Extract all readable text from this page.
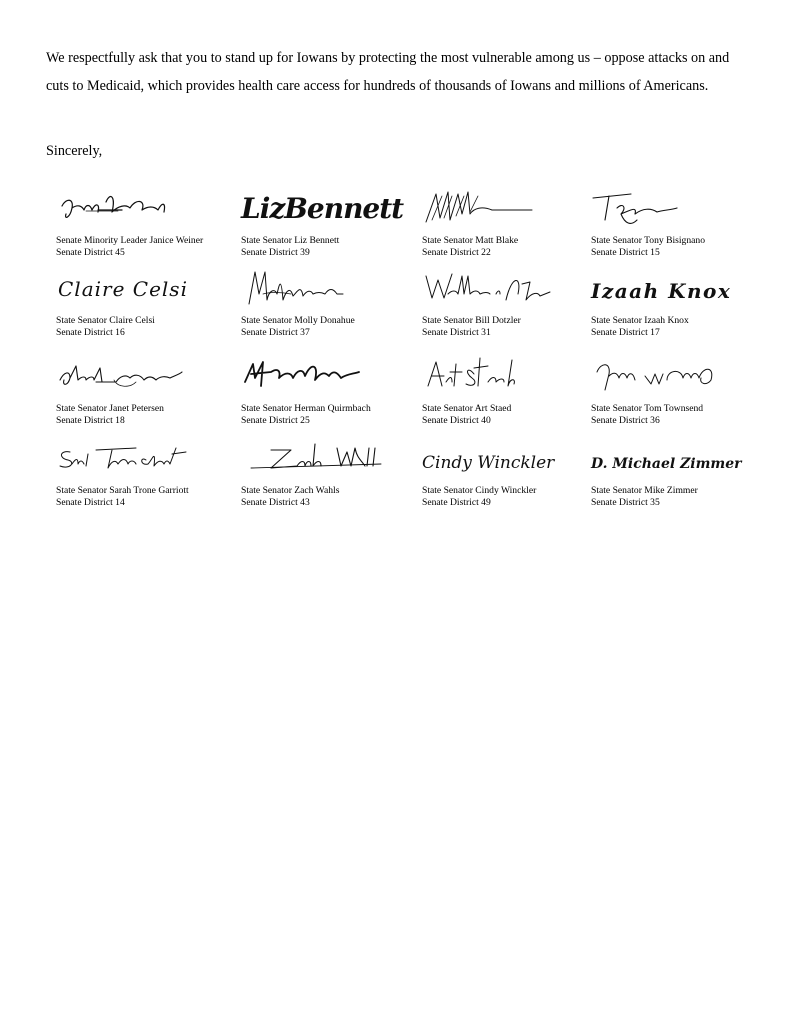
We respectfully ask that you to stand up for Iowans by protecting the most vulnerable among us – oppose attacks on and cuts to Medicaid, which provides health care access for hundreds of thousands of Iowans and millions of Americans.

Sincerely,

Senate Minority Leader Janice Weiner
Senate District 45
LizBennett
State Senator Liz Bennett
Senate District 39
State Senator Matt Blake
Senate District 22
State Senator Tony Bisignano
Senate District 15
Claire Celsi
State Senator Claire Celsi
Senate District 16
State Senator Molly Donahue
Senate District 37
State Senator Bill Dotzler
Senate District 31
Izaah Knox
State Senator Izaah Knox
Senate District 17
State Senator Janet Petersen
Senate District 18
State Senator Herman Quirmbach
Senate District 25
State Senator Art Staed
Senate District 40
State Senator Tom Townsend
Senate District 36
State Senator Sarah Trone Garriott
Senate District 14
State Senator Zach Wahls
Senate District 43
Cindy Winckler
State Senator Cindy Winckler
Senate District 49
D. Michael Zimmer
State Senator Mike Zimmer
Senate District 35
